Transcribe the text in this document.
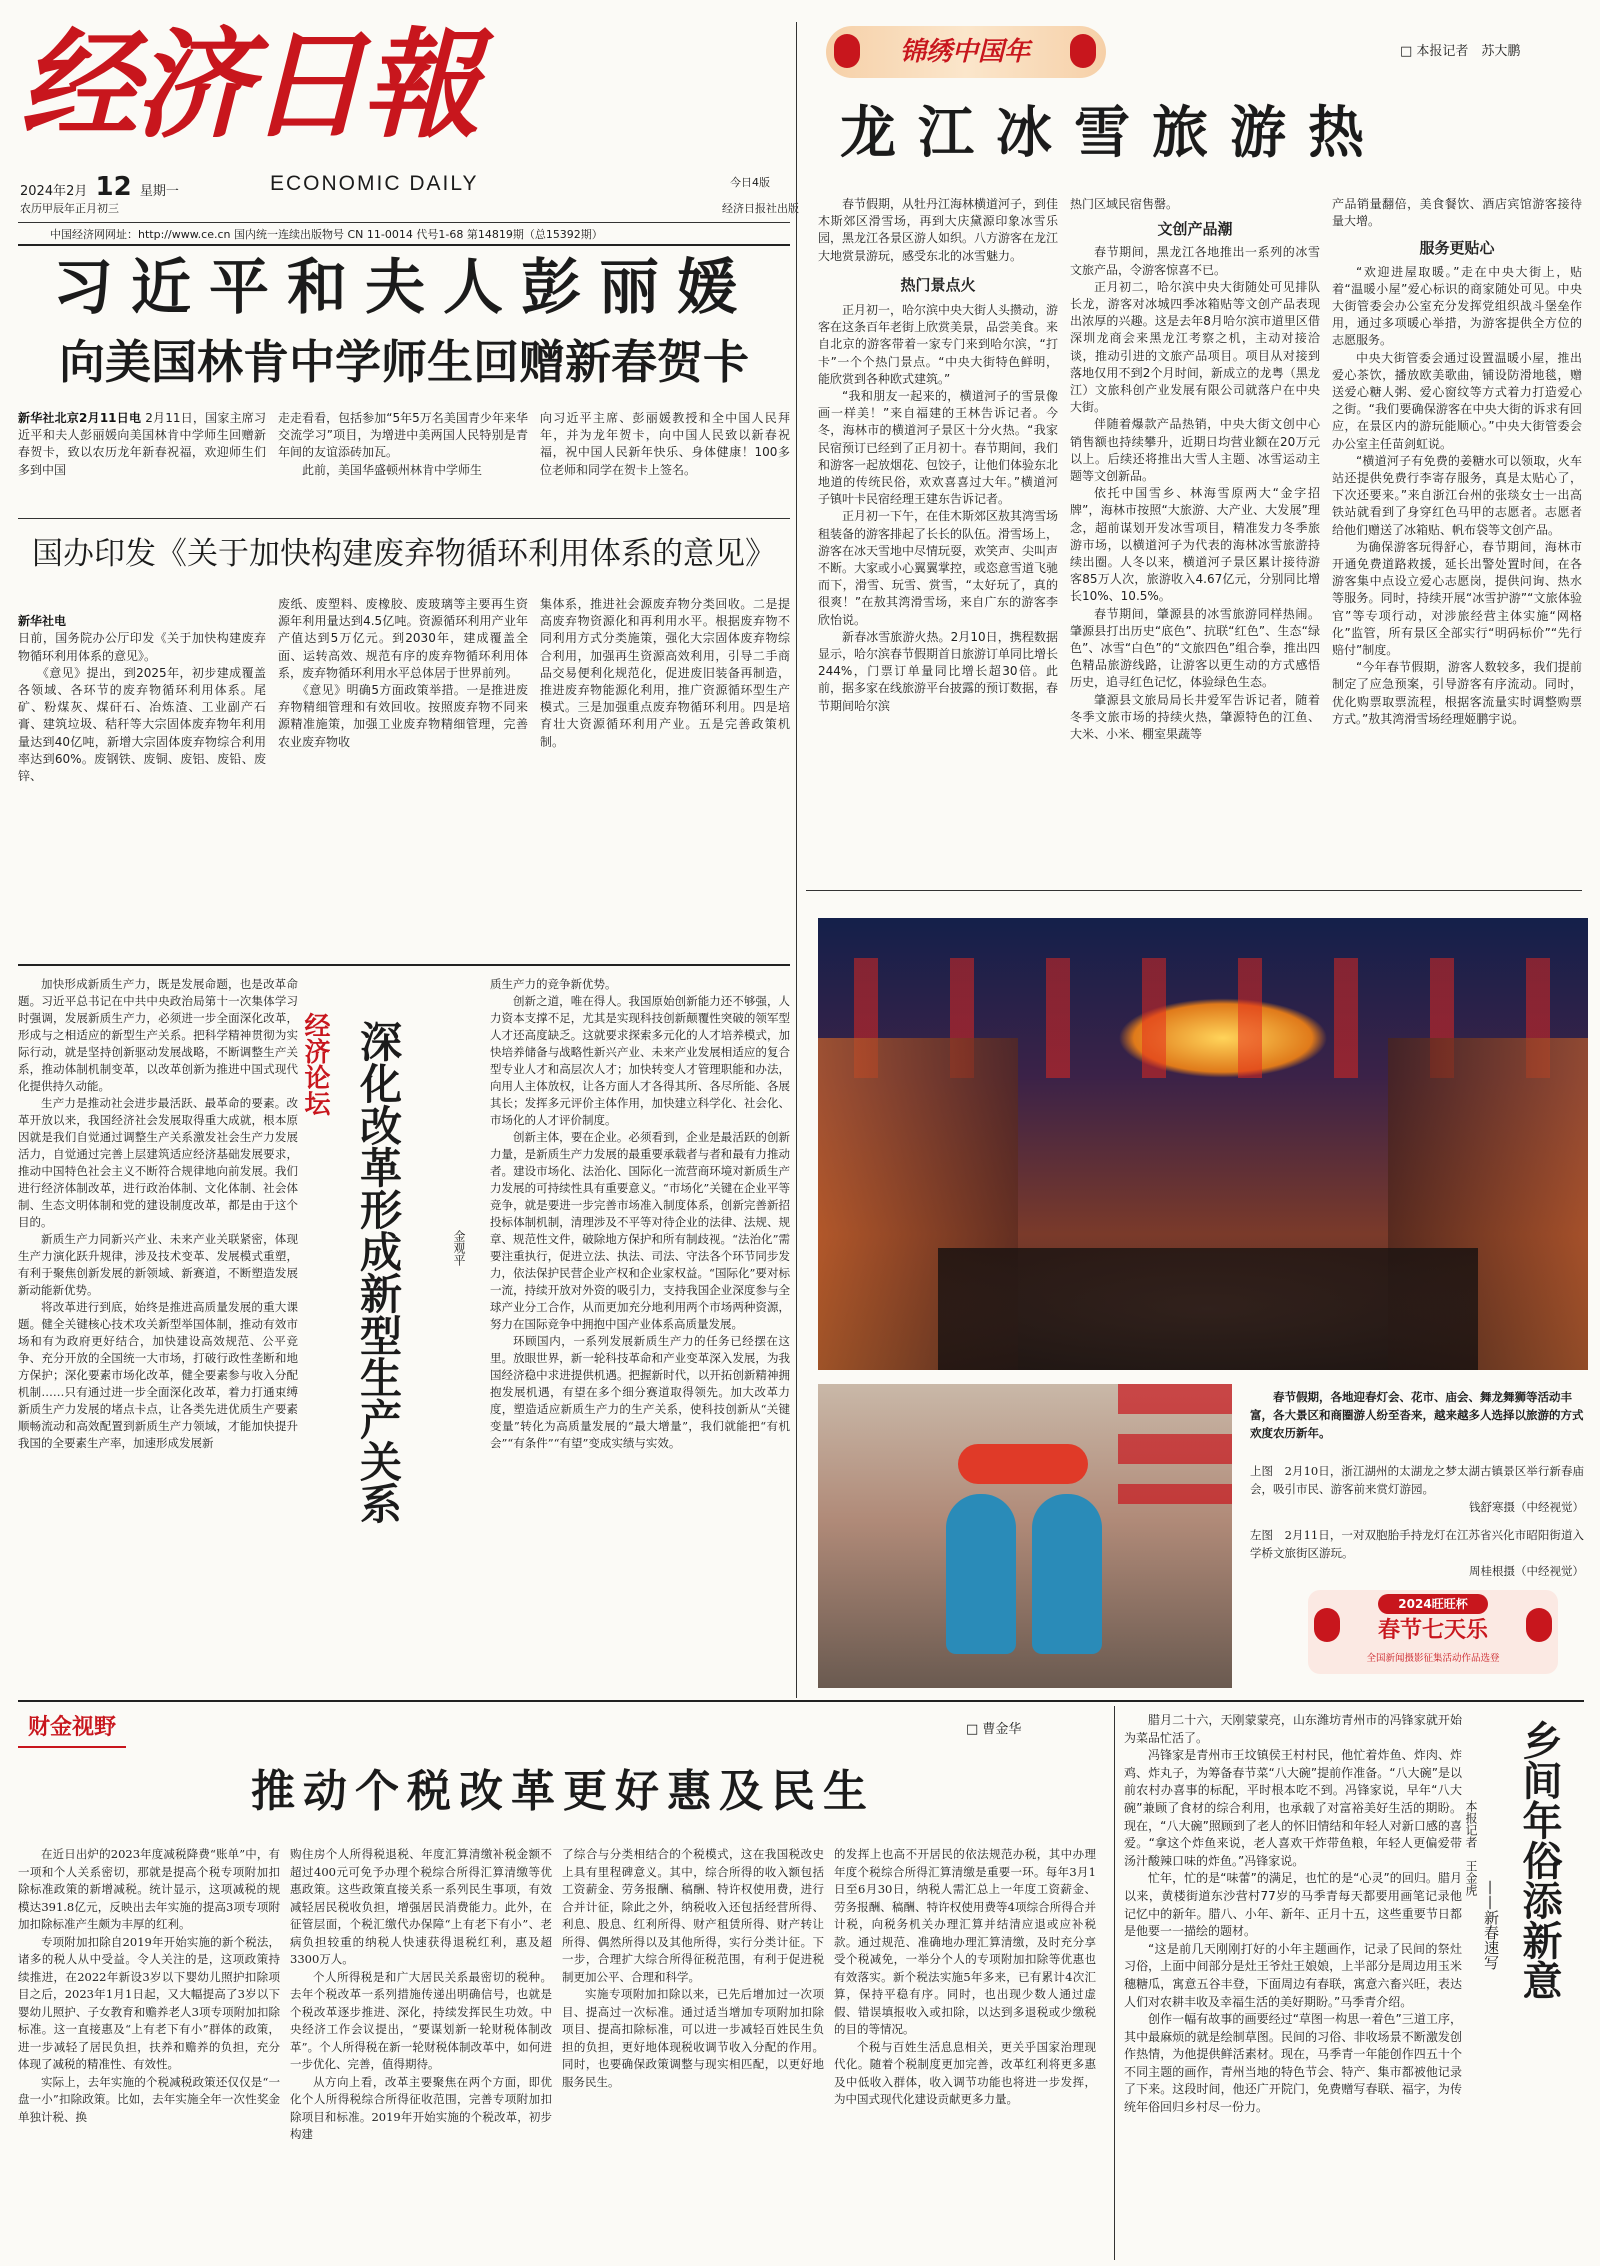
经济日報
2024年2月 12 星期一	ECONOMIC DAILY
农历甲辰年正月初三
今日4版
经济日报社出版
中国经济网网址：http://www.ce.cn 国内统一连续出版物号 CN 11-0014 代号1-68 第14819期（总15392期）
习近平和夫人彭丽媛
向美国林肯中学师生回赠新春贺卡
新华社北京2月11日电 2月11日，国家主席习近平和夫人彭丽媛向美国林肯中学师生回赠新春贺卡，致以农历龙年新春祝福，欢迎师生们多到中国
走走看看，包括参加“5年5万名美国青少年来华交流学习”项目，为增进中美两国人民特别是青年间的友谊添砖加瓦。
　　此前，美国华盛顿州林肯中学师生
向习近平主席、彭丽媛教授和全中国人民拜年，并为龙年贺卡，向中国人民致以新春祝福，祝中国人民新年快乐、身体健康！100多位老师和同学在贺卡上签名。
国办印发《关于加快构建废弃物循环利用体系的意见》

新华社电
日前，国务院办公厅印发《关于加快构建废弃物循环利用体系的意见》。
　　《意见》提出，到2025年，初步建成覆盖各领域、各环节的废弃物循环利用体系。尾矿、粉煤灰、煤矸石、冶炼渣、工业副产石膏、建筑垃圾、秸秆等大宗固体废弃物年利用量达到40亿吨，新增大宗固体废弃物综合利用率达到60%。废钢铁、废铜、废铝、废铅、废锌、

废纸、废塑料、废橡胶、废玻璃等主要再生资源年利用量达到4.5亿吨。资源循环利用产业年产值达到5万亿元。到2030年，建成覆盖全面、运转高效、规范有序的废弃物循环利用体系，废弃物循环利用水平总体居于世界前列。
　　《意见》明确5方面政策举措。一是推进废弃物精细管理和有效回收。按照废弃物不同来源精准施策，加强工业废弃物精细管理，完善农业废弃物收
集体系，推进社会源废弃物分类回收。二是提高废弃物资源化和再利用水平。根据废弃物不同利用方式分类施策，强化大宗固体废弃物综合利用，加强再生资源高效利用，引导二手商品交易便利化规范化，促进废旧装备再制造，推进废弃物能源化利用，推广资源循环型生产模式。三是加强重点废弃物循环利用。四是培育壮大资源循环利用产业。五是完善政策机制。

加快形成新质生产力，既是发展命题，也是改革命题。习近平总书记在中共中央政治局第十一次集体学习时强调，发展新质生产力，必须进一步全面深化改革，形成与之相适应的新型生产关系。把科学精神贯彻为实际行动，就是坚持创新驱动发展战略，不断调整生产关系，推动体制机制变革，以改革创新为推进中国式现代化提供持久动能。

生产力是推动社会进步最活跃、最革命的要素。改革开放以来，我国经济社会发展取得重大成就，根本原因就是我们自觉通过调整生产关系激发社会生产力发展活力，自觉通过完善上层建筑适应经济基础发展要求，推动中国特色社会主义不断符合规律地向前发展。我们进行经济体制改革，进行政治体制、文化体制、社会体制、生态文明体制和党的建设制度改革，都是由于这个目的。

新质生产力同新兴产业、未来产业关联紧密，体现生产力演化跃升规律，涉及技术变革、发展模式重塑，有利于聚焦创新发展的新领域、新赛道，不断塑造发展新动能新优势。

将改革进行到底，始终是推进高质量发展的重大课题。健全关键核心技术攻关新型举国体制，推动有效市场和有为政府更好结合，加快建设高效规范、公平竞争、充分开放的全国统一大市场，打破行政性垄断和地方保护；深化要素市场化改革，健全要素参与收入分配机制……只有通过进一步全面深化改革，着力打通束缚新质生产力发展的堵点卡点，让各类先进优质生产要素顺畅流动和高效配置到新质生产力领域，才能加快提升我国的全要素生产率，加速形成发展新

经济论坛 深化改革形成新型生产关系	金观平

质生产力的竞争新优势。

创新之道，唯在得人。我国原始创新能力还不够强，人力资本支撑不足，尤其是实现科技创新颠覆性突破的领军型人才还高度缺乏。这就要求探索多元化的人才培养模式，加快培养储备与战略性新兴产业、未来产业发展相适应的复合型专业人才和高层次人才；加快转变人才管理职能和办法，向用人主体放权，让各方面人才各得其所、各尽所能、各展其长；发挥多元评价主体作用，加快建立科学化、社会化、市场化的人才评价制度。

创新主体，要在企业。必须看到，企业是最活跃的创新力量，是新质生产力发展的最重要承载者与者和最有力推动者。建设市场化、法治化、国际化一流营商环境对新质生产力发展的可持续性具有重要意义。“市场化”关键在企业平等竞争，就是要进一步完善市场准入制度体系，创新完善新招投标体制机制，清理涉及不平等对待企业的法律、法规、规章、规范性文件，破除地方保护和所有制歧视。“法治化”需要注重执行，促进立法、执法、司法、守法各个环节同步发力，依法保护民营企业产权和企业家权益。“国际化”要对标一流，持续开放对外资的吸引力，支持我国企业深度参与全球产业分工合作，从而更加充分地利用两个市场两种资源，努力在国际竞争中拥抱中国产业体系高质量发展。

环顾国内，一系列发展新质生产力的任务已经摆在这里。放眼世界，新一轮科技革命和产业变革深入发展，为我国经济稳中求进提供机遇。把握新时代，以开拓创新精神拥抱发展机遇，有望在多个细分赛道取得领先。加大改革力度，塑造适应新质生产力的生产关系，使科技创新从“关键变量”转化为高质量发展的“最大增量”，我们就能把“有机会”“有条件”“有望”变成实绩与实效。

锦绣中国年	□ 本报记者　苏大鹏
龙江冰雪旅游热

春节假期，从牡丹江海林横道河子，到佳木斯郊区滑雪场，再到大庆黛源印象冰雪乐园，黑龙江各景区游人如织。八方游客在龙江大地赏景游玩，感受东北的冰雪魅力。

热门景点火

正月初一，哈尔滨中央大街人头攒动，游客在这条百年老街上欣赏美景，品尝美食。来自北京的游客带着一家专门来到哈尔滨，“打卡”一个个热门景点。“中央大街特色鲜明，能欣赏到各种欧式建筑。”

“我和朋友一起来的，横道河子的雪景像画一样美！”来自福建的王林告诉记者。今冬，海林市的横道河子景区十分火热。“我家民宿预订已经到了正月初十。春节期间，我们和游客一起放烟花、包饺子，让他们体验东北地道的传统民俗，欢欢喜喜过大年。”横道河子镇叶卡民宿经理王建东告诉记者。

正月初一下午，在佳木斯郊区敖其湾雪场租装备的游客排起了长长的队伍。滑雪场上，游客在冰天雪地中尽情玩耍，欢笑声、尖叫声不断。大家或小心翼翼掌控，或恣意雪道飞驰而下，滑雪、玩雪、赏雪，“太好玩了，真的很爽！”在敖其湾滑雪场，来自广东的游客李欣怡说。

新春冰雪旅游火热。2月10日，携程数据显示，哈尔滨春节假期首日旅游订单同比增长244%，门票订单量同比增长超30倍。此前，据多家在线旅游平台披露的预订数据，春节期间哈尔滨

热门区域民宿售罄。

文创产品潮

春节期间，黑龙江各地推出一系列的冰雪文旅产品，令游客惊喜不已。

正月初二，哈尔滨中央大街随处可见排队长龙，游客对冰城四季冰箱贴等文创产品表现出浓厚的兴趣。这是去年8月哈尔滨市道里区借深圳龙商会来黑龙江考察之机，主动对接洽谈，推动引进的文旅产品项目。项目从对接到落地仅用不到2个月时间，新成立的龙粤（黑龙江）文旅科创产业发展有限公司就落户在中央大街。

伴随着爆款产品热销，中央大街文创中心销售额也持续攀升，近期日均营业额在20万元以上。后续还将推出大雪人主题、冰雪运动主题等文创新品。

依托中国雪乡、林海雪原两大“金字招牌”，海林市按照“大旅游、大产业、大发展”理念，超前谋划开发冰雪项目，精准发力冬季旅游市场，以横道河子为代表的海林冰雪旅游持续出圈。人冬以来，横道河子景区累计接待游客85万人次，旅游收入4.67亿元，分别同比增长10%、10.5%。

春节期间，肇源县的冰雪旅游同样热闹。肇源县打出历史“底色”、抗联“红色”、生态“绿色”、冰雪“白色”的“文旅四色”组合拳，推出四色精品旅游线路，让游客以更生动的方式感悟历史，追寻红色记忆，体验绿色生态。

肇源县文旅局局长井爱军告诉记者，随着冬季文旅市场的持续火热，肇源特色的江鱼、大米、小米、棚室果蔬等

产品销量翻倍，美食餐饮、酒店宾馆游客接待量大增。

服务更贴心

“欢迎进屋取暖。”走在中央大街上，贴着“温暖小屋”爱心标识的商家随处可见。中央大街管委会办公室充分发挥党组织战斗堡垒作用，通过多项暖心举措，为游客提供全方位的志愿服务。

中央大街管委会通过设置温暖小屋，推出爱心茶饮，播放欧美歌曲，铺设防滑地毯，赠送爱心糖人粥、爱心窗纹等方式着力打造爱心之街。“我们要确保游客在中央大街的诉求有回应，在景区内的游玩能顺心。”中央大街管委会办公室主任苗剑虹说。

“横道河子有免费的姜糖水可以领取，火车站还提供免费行李寄存服务，真是太贴心了，下次还要来。”来自浙江台州的张琰女士一出高铁站就看到了身穿红色马甲的志愿者。志愿者给他们赠送了冰箱贴、帆布袋等文创产品。

为确保游客玩得舒心，春节期间，海林市开通免费道路救援，延长出警处置时间，在各游客集中点设立爱心志愿岗，提供问询、热水等服务。同时，持续开展“冰雪护游”“文旅体验官”等专项行动，对涉旅经营主体实施“网格化”监管，所有景区全部实行“明码标价”“先行赔付”制度。

“今年春节假期，游客人数较多，我们提前制定了应急预案，引导游客有序流动。同时，优化购票取票流程，根据客流量实时调整购票方式。”敖其湾滑雪场经理姬鹏宇说。

春节假期，各地迎春灯会、花市、庙会、舞龙舞狮等活动丰富，各大景区和商圈游人纷至沓来，越来越多人选择以旅游的方式欢度农历新年。
上图　2月10日，浙江湖州的太湖龙之梦太湖古镇景区举行新春庙会，吸引市民、游客前来赏灯游园。
钱舒寒摄（中经视觉）
左图　2月11日，一对双胞胎手持龙灯在江苏省兴化市昭阳街道入学桥文旅街区游玩。
周桂根摄（中经视觉）
2024旺旺杯
春节七天乐
全国新闻摄影征集活动作品选登
财金视野	□ 曹金华
推动个税改革更好惠及民生

在近日出炉的2023年度减税降费“账单”中，有一项和个人关系密切，那就是提高个税专项附加扣除标准政策的新增减税。统计显示，这项减税的规模达391.8亿元，反映出去年实施的提高3项专项附加扣除标准产生颇为丰厚的红利。

专项附加扣除自2019年开始实施的新个税法，诸多的税人从中受益。令人关注的是，这项政策持续推进，在2022年新设3岁以下婴幼儿照护扣除项目之后，2023年1月1日起，又大幅提高了3岁以下婴幼儿照护、子女教育和赡养老人3项专项附加扣除标准。这一直接惠及“上有老下有小”群体的政策，进一步减轻了居民负担，扶养和赡养的负担，充分体现了减税的精准性、有效性。

实际上，去年实施的个税减税政策还仅仅是“一盘一小”扣除政策。比如，去年实施全年一次性奖金单独计税、换

购住房个人所得税退税、年度汇算清缴补税金额不超过400元可免予办理个税综合所得汇算清缴等优惠政策。这些政策直接关系一系列民生事项，有效减轻居民税收负担，增强居民消费能力。此外，在征管层面，个税汇缴代办保障“上有老下有小”、老病负担较重的纳税人快速获得退税红利，惠及超3300万人。

个人所得税是和广大居民关系最密切的税种。去年个税改革一系列措施传递出明确信号，也就是个税改革逐步推进、深化，持续发挥民生功效。中央经济工作会议提出，“要谋划新一轮财税体制改革”。个人所得税在新一轮财税体制改革中，如何进一步优化、完善，值得期待。

从方向上看，改革主要聚焦在两个方面，即优化个人所得税综合所得征收范围，完善专项附加扣除项目和标准。2019年开始实施的个税改革，初步构建

了综合与分类相结合的个税模式，这在我国税改史上具有里程碑意义。其中，综合所得的收入额包括工资薪金、劳务报酬、稿酬、特许权使用费，进行合并计征，除此之外，纳税收入还包括经营所得、利息、股息、红利所得、财产租赁所得、财产转让所得、偶然所得以及其他所得，实行分类计征。下一步，合理扩大综合所得征税范围，有利于促进税制更加公平、合理和科学。

实施专项附加扣除以来，已先后增加过一次项目、提高过一次标准。通过适当增加专项附加扣除项目、提高扣除标准，可以进一步减轻百姓民生负担的负担，更好地体现税收调节收入分配的作用。同时，也要确保政策调整与现实相匹配，以更好地服务民生。

的发挥上也高不开居民的依法规范办税，其中办理年度个税综合所得汇算清缴是重要一环。每年3月1日至6月30日，纳税人需汇总上一年度工资薪金、劳务报酬、稿酬、特许权使用费等4项综合所得合并计税，向税务机关办理汇算并结清应退或应补税款。通过规范、准确地办理汇算清缴，及时充分享受个税减免，一举分个人的专项附加扣除等优惠也有效落实。新个税法实施5年多来，已有累计4次汇算，保持平稳有序。同时，也出现少数人通过虚假、错误填报收入或扣除，以达到多退税或少缴税的目的等情况。

个税与百姓生活息息相关，更关乎国家治理现代化。随着个税制度更加完善，改革红利将更多惠及中低收入群体，收入调节功能也将进一步发挥，为中国式现代化建设贡献更多力量。

腊月二十六，天刚蒙蒙亮，山东潍坊青州市的冯锋家就开始为菜品忙活了。

冯锋家是青州市王坟镇侯王村村民，他忙着炸鱼、炸肉、炸鸡、炸丸子，为筹备春节菜“八大碗”提前作准备。“八大碗”是以前农村办喜事的标配，平时根本吃不到。冯锋家说，早年“八大碗”兼顾了食材的综合利用，也承载了对富裕美好生活的期盼。现在，“八大碗”照顾到了老人的怀旧情结和年轻人对新口感的喜爱。“拿这个炸鱼来说，老人喜欢干炸带鱼粮，年轻人更偏爱带汤汁酸辣口味的炸鱼。”冯锋家说。

忙年，忙的是“味蕾”的满足，也忙的是“心灵”的回归。腊月以来，黄楼街道东沙营村77岁的马季青每天都要用画笔记录他记忆中的新年。腊八、小年、新年、正月十五，这些重要节日都是他要一一描绘的题材。

“这是前几天刚刚打好的小年主题画作，记录了民间的祭灶习俗，上面中间部分是灶王爷灶王娘娘，上半部分是周边用玉米穗糖瓜，寓意五谷丰登，下面周边有春联，寓意六畜兴旺，表达人们对农耕丰收及幸福生活的美好期盼。”马季青介绍。

创作一幅有故事的画要经过“草图一构思一着色”三道工序，其中最麻烦的就是绘制草图。民间的习俗、非收场景不断激发创作热情，为他提供鲜活素材。现在，马季青一年能创作四五十个不同主题的画作，青州当地的特色节会、特产、集市都被他记录了下来。这段时间，他还广开院门，免费赠写春联、福字，为传统年俗回归乡村尽一份力。

乡间年俗添新意
——新春速写
本报记者　王金虎
